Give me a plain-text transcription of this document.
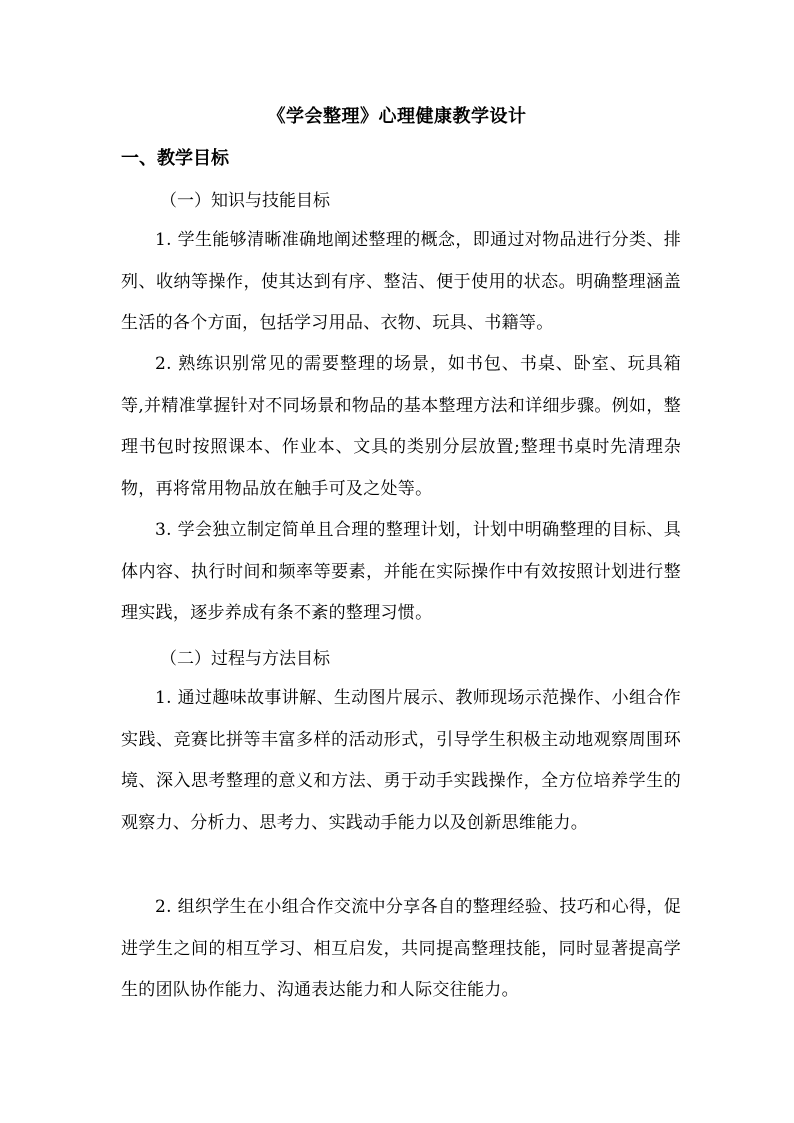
《学会整理》心理健康教学设计
一、教学目标
（一）知识与技能目标

1. 学生能够清晰准确地阐述整理的概念，即通过对物品进行分类、排列、收纳等操作，使其达到有序、整洁、便于使用的状态。明确整理涵盖生活的各个方面，包括学习用品、衣物、玩具、书籍等。

2. 熟练识别常见的需要整理的场景，如书包、书桌、卧室、玩具箱等,并精准掌握针对不同场景和物品的基本整理方法和详细步骤。例如，整理书包时按照课本、作业本、文具的类别分层放置;整理书桌时先清理杂物，再将常用物品放在触手可及之处等。

3. 学会独立制定简单且合理的整理计划，计划中明确整理的目标、具体内容、执行时间和频率等要素，并能在实际操作中有效按照计划进行整理实践，逐步养成有条不紊的整理习惯。

（二）过程与方法目标

1. 通过趣味故事讲解、生动图片展示、教师现场示范操作、小组合作实践、竞赛比拼等丰富多样的活动形式，引导学生积极主动地观察周围环境、深入思考整理的意义和方法、勇于动手实践操作，全方位培养学生的观察力、分析力、思考力、实践动手能力以及创新思维能力。

2. 组织学生在小组合作交流中分享各自的整理经验、技巧和心得，促进学生之间的相互学习、相互启发，共同提高整理技能，同时显著提高学生的团队协作能力、沟通表达能力和人际交往能力。
